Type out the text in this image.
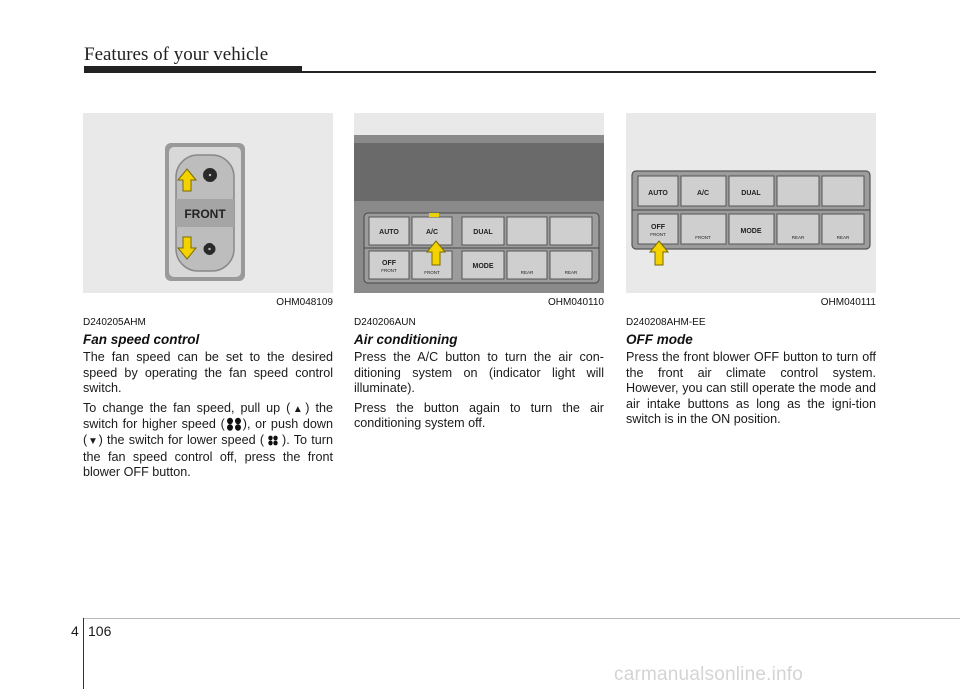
Features of your vehicle
FRONT
OHM048109
D240205AHM
Fan speed control

The fan speed can be set to the desired speed by operating the fan speed control switch.

To change the fan speed, pull up (▲) the switch for higher speed ( ), or push down (▼) the switch for lower speed ( ). To turn the fan speed control off, press the front blower OFF button.

AUTO	A/C	DUAL
OFF	MODE
FRONT	FRONT	REAR	REAR
OHM040110
D240206AUN
Air conditioning

Press the A/C button to turn the air con-ditioning system on (indicator light will illuminate).

Press the button again to turn the air conditioning system off.

AUTO	A/C	DUAL
OFF
MODE
FRONT
FRONT	REAR	REAR
OHM040111
D240208AHM-EE
OFF mode

Press the front blower OFF button to turn off the front air climate control system. However, you can still operate the mode and air intake buttons as long as the igni-tion switch is in the ON position.

4 106
carmanualsonline.info
